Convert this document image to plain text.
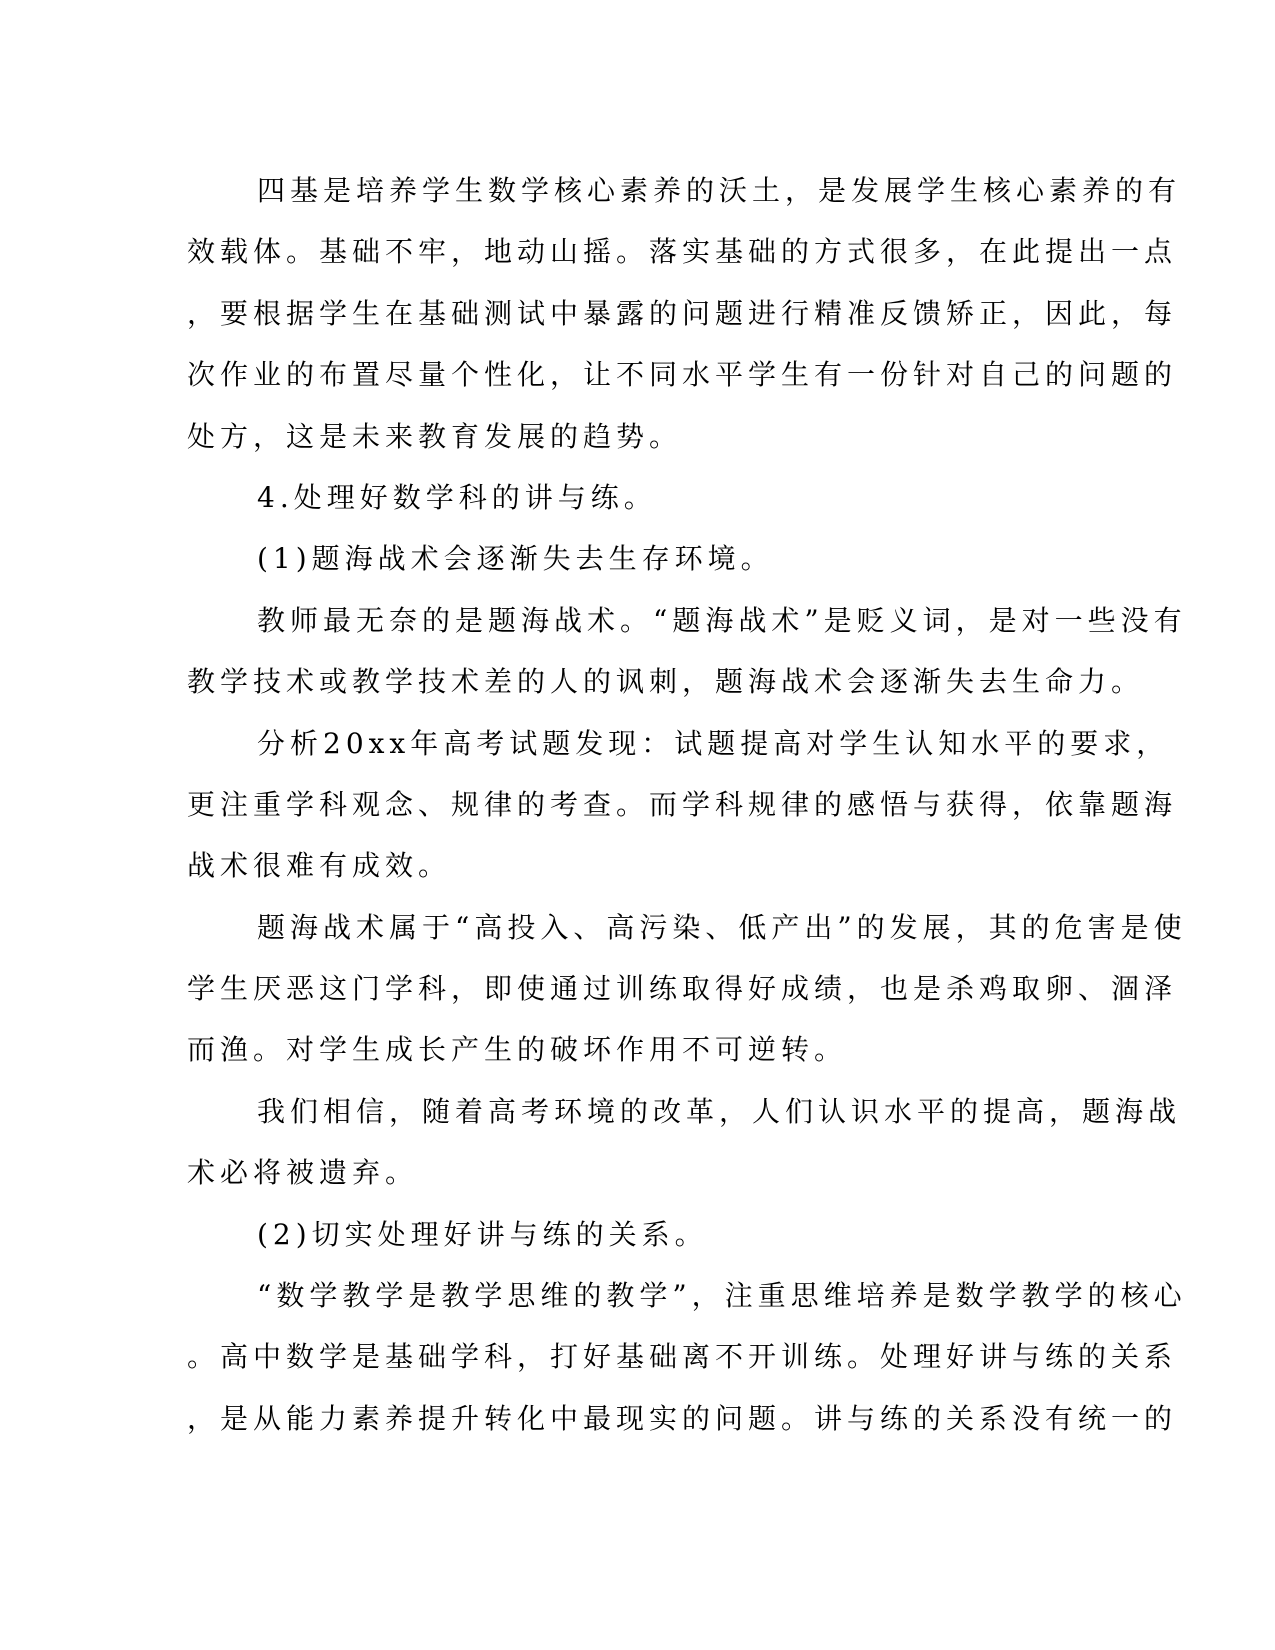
四基是培养学生数学核心素养的沃土，是发展学生核心素养的有
效载体。基础不牢，地动山摇。落实基础的方式很多，在此提出一点
，要根据学生在基础测试中暴露的问题进行精准反馈矫正，因此，每
次作业的布置尽量个性化，让不同水平学生有一份针对自己的问题的
处方，这是未来教育发展的趋势。
4.处理好数学科的讲与练。
(1)题海战术会逐渐失去生存环境。
教师最无奈的是题海战术。“题海战术”是贬义词，是对一些没有
教学技术或教学技术差的人的讽刺，题海战术会逐渐失去生命力。
分析20xx年高考试题发现：试题提高对学生认知水平的要求，
更注重学科观念、规律的考查。而学科规律的感悟与获得，依靠题海
战术很难有成效。
题海战术属于“高投入、高污染、低产出”的发展，其的危害是使
学生厌恶这门学科，即使通过训练取得好成绩，也是杀鸡取卵、涸泽
而渔。对学生成长产生的破坏作用不可逆转。
我们相信，随着高考环境的改革，人们认识水平的提高，题海战
术必将被遗弃。
(2)切实处理好讲与练的关系。
“数学教学是教学思维的教学”，注重思维培养是数学教学的核心
。高中数学是基础学科，打好基础离不开训练。处理好讲与练的关系
，是从能力素养提升转化中最现实的问题。讲与练的关系没有统一的
